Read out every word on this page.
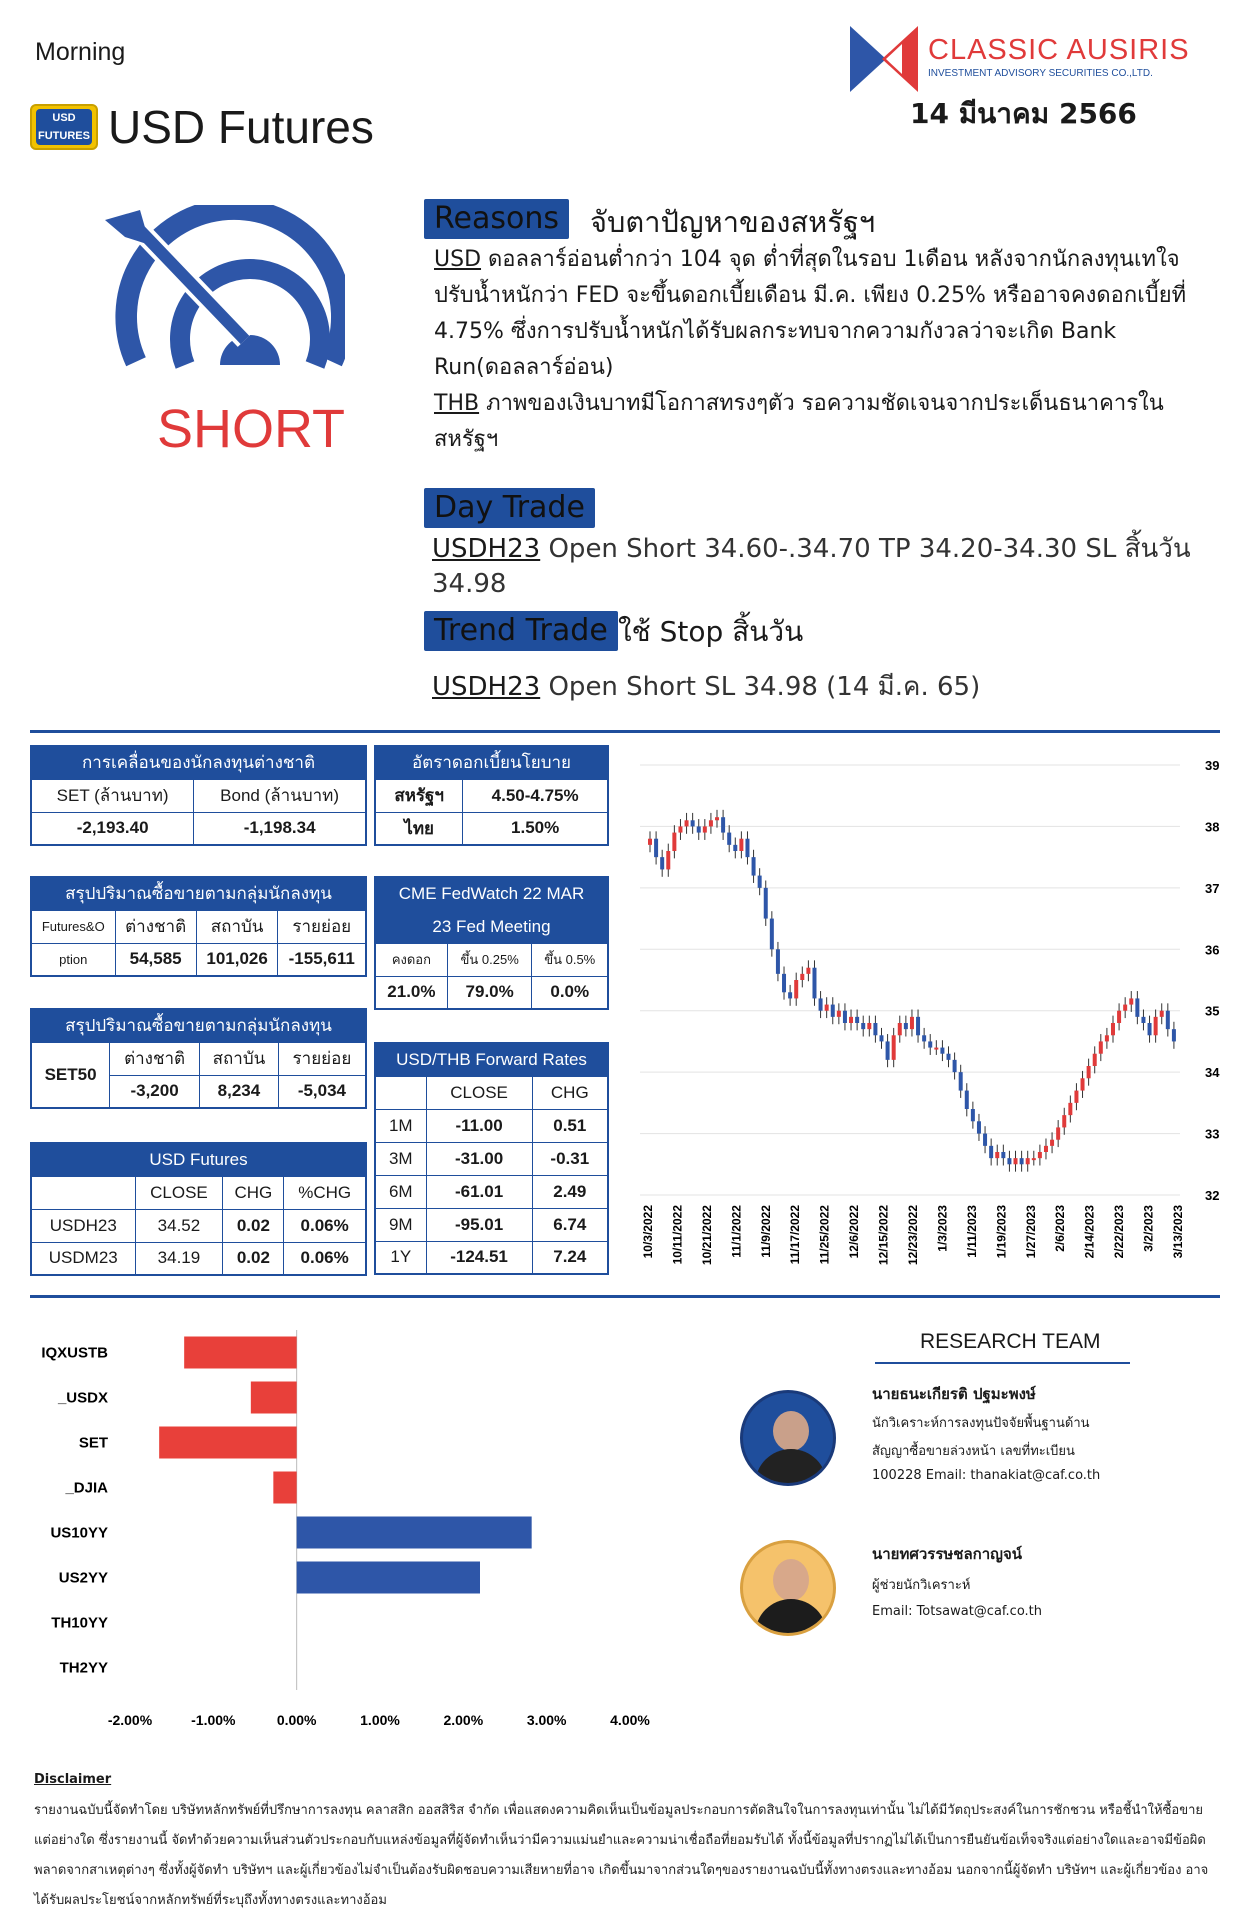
Morning
USD FUTURES USD Futures
CLASSIC AUSIRIS
INVESTMENT ADVISORY SECURITIES CO.,LTD.
14 มีนาคม 2566
SHORT
Reasons	จับตาปัญหาของสหรัฐฯ
USD ดอลลาร์อ่อนต่ำกว่า 104 จุด ต่ำที่สุดในรอบ 1เดือน หลังจากนักลงทุนเทใจปรับน้ำหนักว่า FED จะขึ้นดอกเบี้ยเดือน มี.ค. เพียง 0.25% หรืออาจคงดอกเบี้ยที่ 4.75% ซึ่งการปรับน้ำหนักได้รับผลกระทบจากความกังวลว่าจะเกิด Bank Run(ดอลลาร์อ่อน)
THB ภาพของเงินบาทมีโอกาสทรงๆตัว รอความชัดเจนจากประเด็นธนาคารในสหรัฐฯ
Day Trade
USDH23 Open Short 34.60-.34.70 TP 34.20-34.30 SL สิ้นวัน 34.98
Trend Trade ใช้ Stop สิ้นวัน
USDH23 Open Short SL 34.98 (14 มี.ค. 65)
การเคลื่อนของนักลงทุนต่างชาติ	
SET (ล้านบาท)	Bond (ล้านบาท)
-2,193.40	-1,198.34
อัตราดอกเบี้ยนโยบาย	
สหรัฐฯ	4.50-4.75%
ไทย	1.50%
สรุปปริมาณซื้อขายตามกลุ่มนักลงทุน			
Futures&O	ต่างชาติ	สถาบัน	รายย่อย
ption	54,585	101,026	-155,611
CME FedWatch 22 MAR		
23 Fed Meeting		
คงดอก	ขึ้น 0.25%	ขึ้น 0.5%
21.0%	79.0%	0.0%
สรุปปริมาณซื้อขายตามกลุ่มนักลงทุน			
SET50	ต่างชาติ	สถาบัน	รายย่อย
	-3,200	8,234	-5,034
USD/THB Forward Rates		
	CLOSE	CHG
1M	-11.00	0.51
3M	-31.00	-0.31
6M	-61.01	2.49
9M	-95.01	6.74
1Y	-124.51	7.24
USD Futures			
	CLOSE	CHG	%CHG
USDH23	34.52	0.02	0.06%
USDM23	34.19	0.02	0.06%
39
38
37
36
35
34
33
32
10/3/2022 10/11/2022 10/21/2022 11/1/2022 11/9/2022 11/17/2022 11/25/2022 12/6/2022 12/15/2022 12/23/2022 1/3/2023 1/11/2023 1/19/2023 1/27/2023 2/6/2023 2/14/2023 2/22/2023 3/2/2023 3/13/2023
IQXUSTB
_USDX
SET
_DJIA
US10YY
US2YY
TH10YY
TH2YY
-2.00%	-1.00%	0.00%	1.00%	2.00%	3.00%	4.00%
RESEARCH TEAM
นายธนะเกียรติ ปฐมะพงษ์
นักวิเคราะห์การลงทุนปัจจัยพื้นฐานด้าน
สัญญาซื้อขายล่วงหน้า เลขที่ทะเบียน
100228 Email: thanakiat@caf.co.th
นายทศวรรษชลกาญจน์
ผู้ช่วยนักวิเคราะห์
Email: Totsawat@caf.co.th
Disclaimer
รายงานฉบับนี้จัดทำโดย บริษัทหลักทรัพย์ที่ปรึกษาการลงทุน คลาสสิก ออสสิริส จำกัด เพื่อแสดงความคิดเห็นเป็นข้อมูลประกอบการตัดสินใจในการลงทุนเท่านั้น ไม่ได้มีวัตถุประสงค์ในการชักชวน หรือชี้นำให้ซื้อขายแต่อย่างใด ซึ่งรายงานนี้ จัดทำด้วยความเห็นส่วนตัวประกอบกับแหล่งข้อมูลที่ผู้จัดทำเห็นว่ามีความแม่นยำและความน่าเชื่อถือที่ยอมรับได้ ทั้งนี้ข้อมูลที่ปรากฏไม่ได้เป็นการยืนยันข้อเท็จจริงแต่อย่างใดและอาจมีข้อผิดพลาดจากสาเหตุต่างๆ ซึ่งทั้งผู้จัดทำ บริษัทฯ และผู้เกี่ยวข้องไม่จำเป็นต้องรับผิดชอบความเสียหายที่อาจ เกิดขึ้นมาจากส่วนใดๆของรายงานฉบับนี้ทั้งทางตรงและทางอ้อม นอกจากนี้ผู้จัดทำ บริษัทฯ และผู้เกี่ยวข้อง อาจได้รับผลประโยชน์จากหลักทรัพย์ที่ระบุถึงทั้งทางตรงและทางอ้อม
